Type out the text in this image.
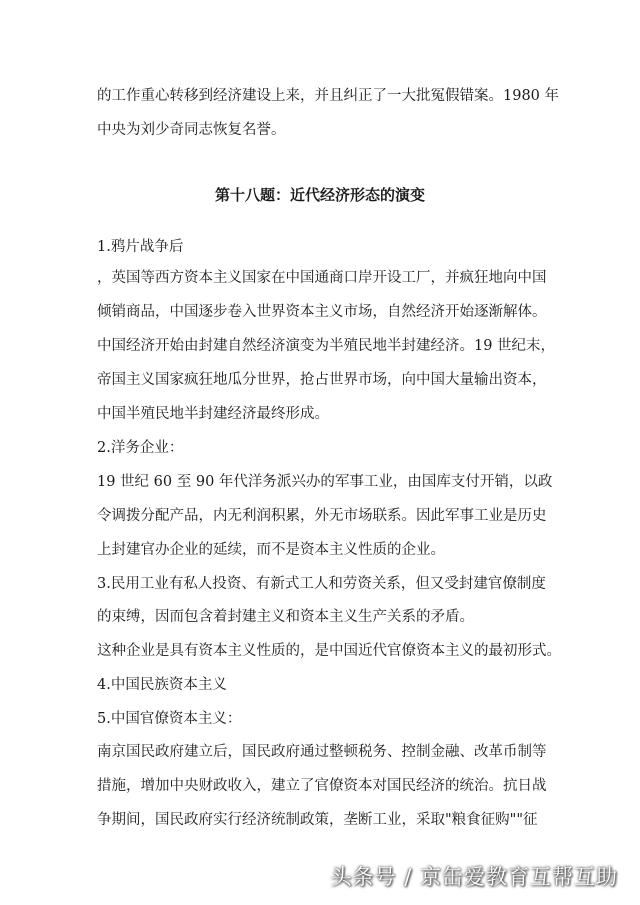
的工作重心转移到经济建设上来，并且纠正了一大批冤假错案。1980 年
中央为刘少奇同志恢复名誉。
第十八题：近代经济形态的演变
1.鸦片战争后
，英国等西方资本主义国家在中国通商口岸开设工厂，并疯狂地向中国
倾销商品，中国逐步卷入世界资本主义市场，自然经济开始逐渐解体。
中国经济开始由封建自然经济演变为半殖民地半封建经济。19 世纪末，
帝国主义国家疯狂地瓜分世界，抢占世界市场，向中国大量输出资本，
中国半殖民地半封建经济最终形成。
2.洋务企业：
19 世纪 60 至 90 年代洋务派兴办的军事工业，由国库支付开销，以政
令调拨分配产品，内无利润积累，外无市场联系。因此军事工业是历史
上封建官办企业的延续，而不是资本主义性质的企业。
3.民用工业有私人投资、有新式工人和劳资关系，但又受封建官僚制度
的束缚，因而包含着封建主义和资本主义生产关系的矛盾。
这种企业是具有资本主义性质的，是中国近代官僚资本主义的最初形式。
4.中国民族资本主义
5.中国官僚资本主义：
南京国民政府建立后，国民政府通过整顿税务、控制金融、改革币制等
措施，增加中央财政收入，建立了官僚资本对国民经济的统治。抗日战
争期间，国民政府实行经济统制政策，垄断工业，采取"粮食征购""征
头条号 / 京缶爱教育互帮互助
